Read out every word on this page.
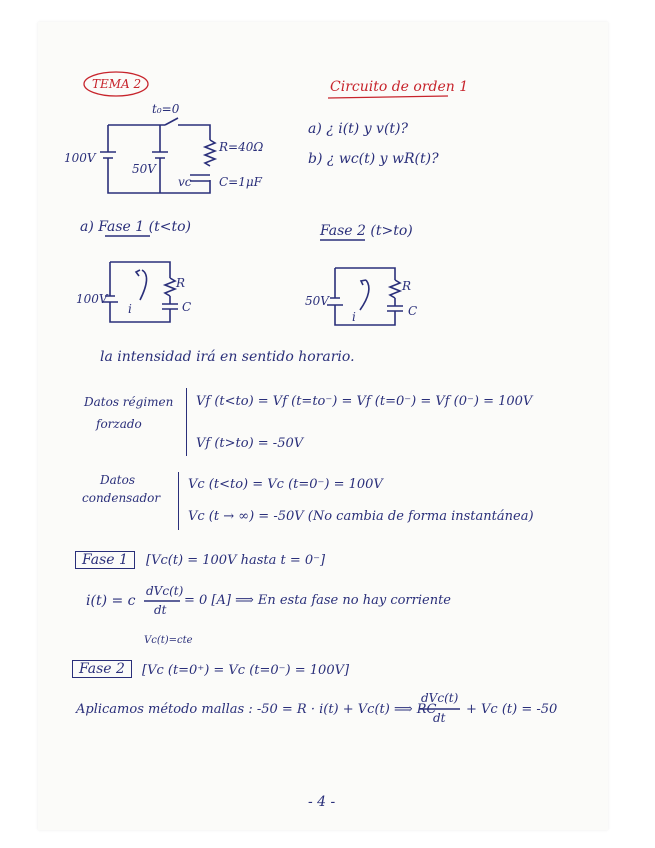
TEMA 2	Circuito de orden 1
t₀=0
100V
50V
R=40Ω
C=1μF
vc
a) ¿ i(t) y v(t)?
b) ¿ wc(t) y wR(t)?
a) Fase 1 (t<to)	Fase 2 (t>to)
100V
R
C
i
50V
R
C
i
la intensidad irá en sentido horario.
Datos régimen
forzado
Vf (t<to) = Vf (t=to⁻) = Vf (t=0⁻) = Vf (0⁻) = 100V
Vf (t>to) = -50V
Datos
condensador
Vc (t<to) = Vc (t=0⁻) = 100V
Vc (t → ∞) = -50V (No cambia de forma instantánea)
Fase 1	[Vc(t) = 100V hasta t = 0⁻]
i(t) = c
dVc(t)
dt
= 0 [A] ⟹ En esta fase no hay corriente
Vc(t)=cte
Fase 2	[Vc (t=0⁺) = Vc (t=0⁻) = 100V]
Aplicamos método mallas : -50 = R · i(t) + Vc(t) ⟹ RC
dVc(t)
dt
+ Vc (t) = -50
- 4 -
